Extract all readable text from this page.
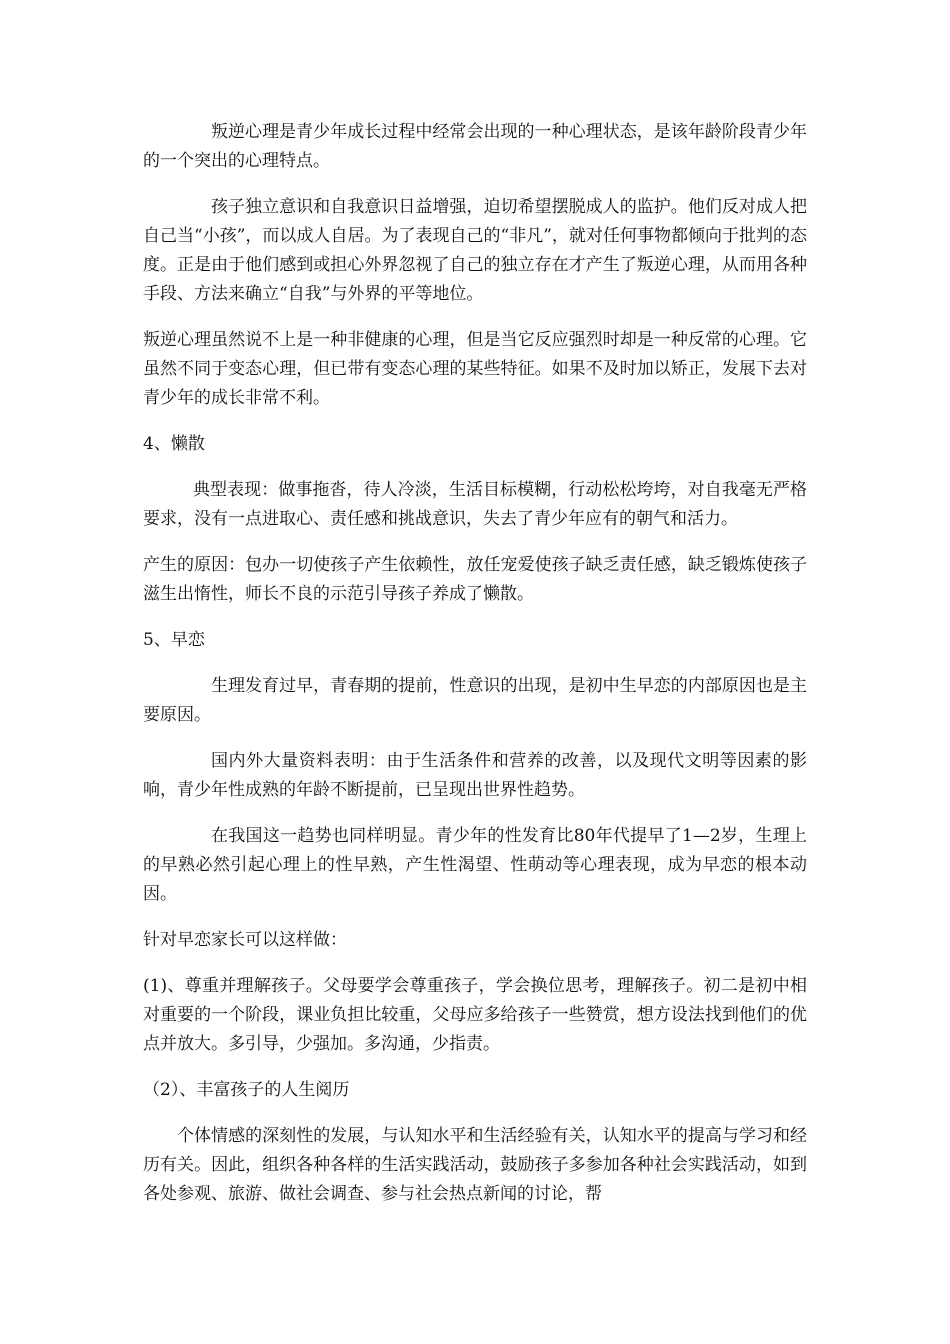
叛逆心理是青少年成长过程中经常会出现的一种心理状态，是该年龄阶段青少年的一个突出的心理特点。

孩子独立意识和自我意识日益增强，迫切希望摆脱成人的监护。他们反对成人把自己当“小孩”，而以成人自居。为了表现自己的“非凡”，就对任何事物都倾向于批判的态度。正是由于他们感到或担心外界忽视了自己的独立存在才产生了叛逆心理，从而用各种手段、方法来确立“自我”与外界的平等地位。

叛逆心理虽然说不上是一种非健康的心理，但是当它反应强烈时却是一种反常的心理。它虽然不同于变态心理，但已带有变态心理的某些特征。如果不及时加以矫正，发展下去对青少年的成长非常不利。

4、懒散

典型表现：做事拖沓，待人冷淡，生活目标模糊，行动松松垮垮，对自我毫无严格要求，没有一点进取心、责任感和挑战意识，失去了青少年应有的朝气和活力。

产生的原因：包办一切使孩子产生依赖性，放任宠爱使孩子缺乏责任感，缺乏锻炼使孩子滋生出惰性，师长不良的示范引导孩子养成了懒散。

5、早恋

生理发育过早，青春期的提前，性意识的出现，是初中生早恋的内部原因也是主要原因。

国内外大量资料表明：由于生活条件和营养的改善，以及现代文明等因素的影响，青少年性成熟的年龄不断提前，已呈现出世界性趋势。

在我国这一趋势也同样明显。青少年的性发育比80年代提早了1—2岁，生理上的早熟必然引起心理上的性早熟，产生性渴望、性萌动等心理表现，成为早恋的根本动因。

针对早恋家长可以这样做：

(1)、尊重并理解孩子。父母要学会尊重孩子，学会换位思考，理解孩子。初二是初中相对重要的一个阶段，课业负担比较重，父母应多给孩子一些赞赏，想方设法找到他们的优点并放大。多引导，少强加。多沟通，少指责。

（2）、丰富孩子的人生阅历

个体情感的深刻性的发展，与认知水平和生活经验有关，认知水平的提高与学习和经历有关。因此，组织各种各样的生活实践活动，鼓励孩子多参加各种社会实践活动，如到各处参观、旅游、做社会调查、参与社会热点新闻的讨论，帮
